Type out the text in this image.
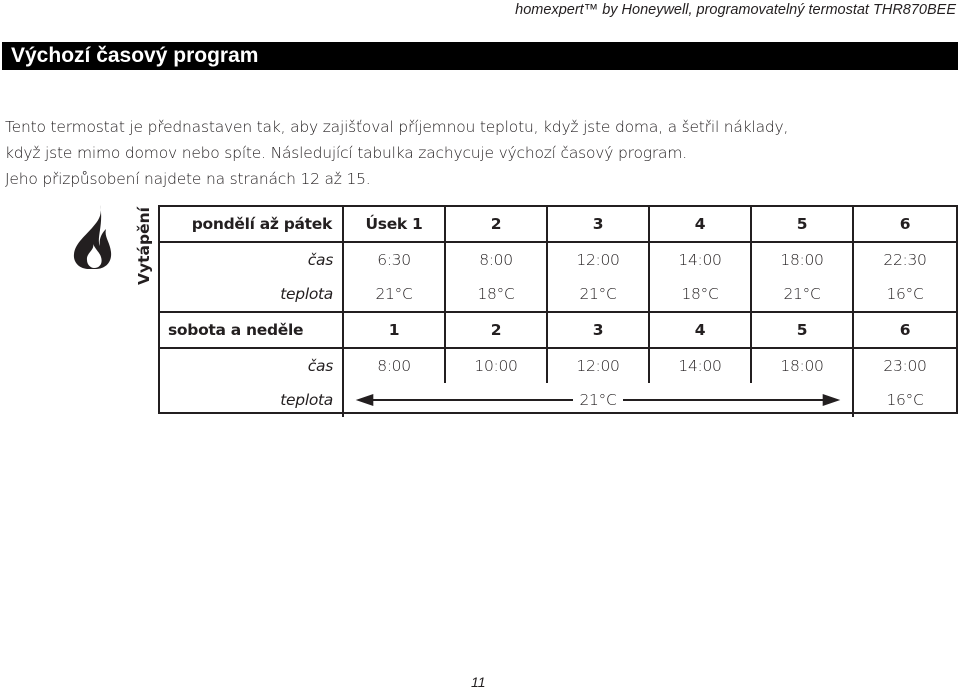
homexpert™ by Honeywell, programovatelný termostat THR870BEE
Výchozí časový program

Tento termostat je přednastaven tak, aby zajišťoval příjemnou teplotu, když jste doma, a šetřil náklady,

když jste mimo domov nebo spíte. Následující tabulka zachycuje výchozí časový program.

Jeho přizpůsobení najdete na stranách 12 až 15.

Vytápění pondělí až pátek	Úsek 1	2	3	4	5	6
čas	6:30	8:00	12:00	14:00	18:00	22:30
teplota	21°C	18°C	21°C	18°C	21°C	16°C
sobota a neděle	1	2	3	4	5	6
čas	8:00	10:00	12:00	14:00	18:00	23:00
teplota	21°C					16°C
11
